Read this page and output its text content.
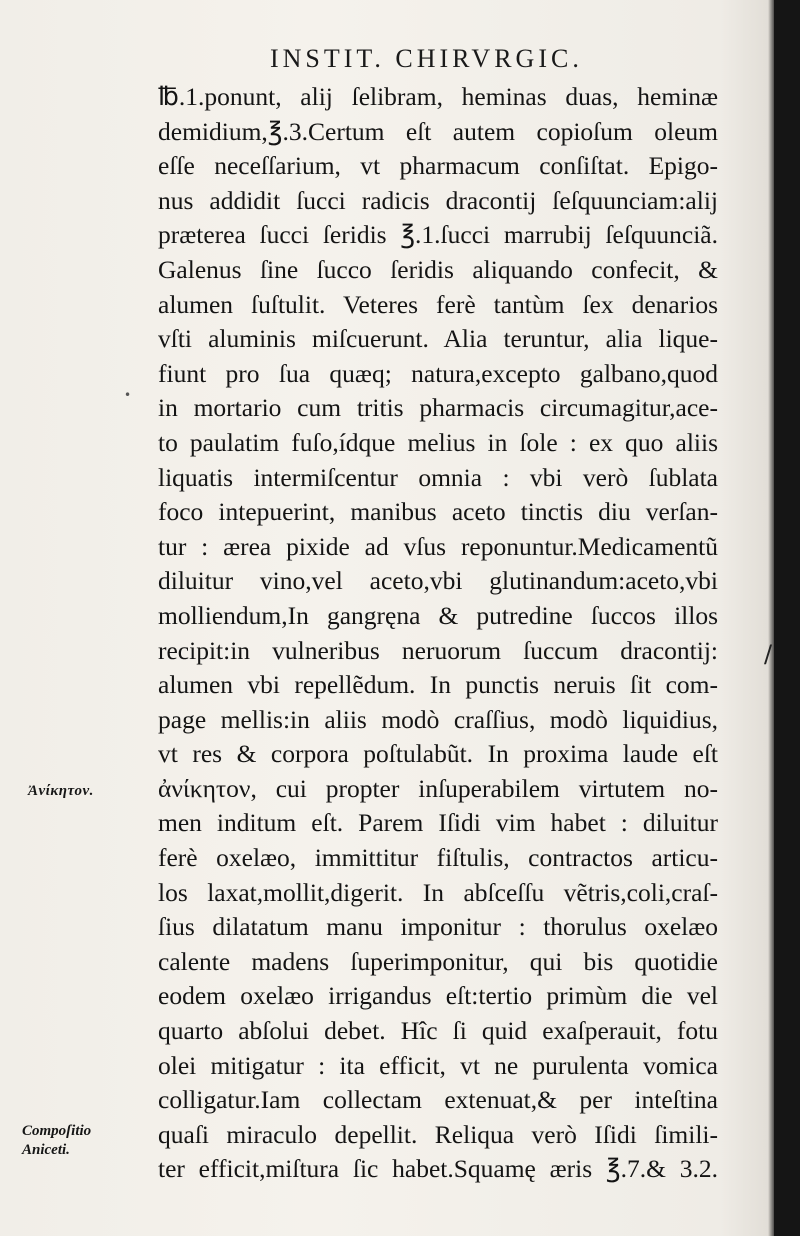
INSTIT. CHIRVRGIC.
℔.1.ponunt, alij ſelibram, heminas duas, heminæ
demidium,℥.3.Certum eſt autem copioſum oleum
eſſe neceſſarium, vt pharmacum conſiſtat. Epigo-
nus addidit ſucci radicis dracontij ſeſquunciam:alij
præterea ſucci ſeridis ℥.1.ſucci marrubij ſeſquunciã.
Galenus ſine ſucco ſeridis aliquando confecit, &
alumen ſuſtulit. Veteres ferè tantùm ſex denarios
vſti aluminis miſcuerunt. Alia teruntur, alia lique-
fiunt pro ſua quæq; natura,excepto galbano,quod
in mortario cum tritis pharmacis circumagitur,ace-
to paulatim fuſo,ídque melius in ſole : ex quo aliis
liquatis intermiſcentur omnia : vbi verò ſublata
foco intepuerint, manibus aceto tinctis diu verſan-
tur : ærea pixide ad vſus reponuntur.Medicamentũ
diluitur vino,vel aceto,vbi glutinandum:aceto,vbi
molliendum,In gangręna & putredine ſuccos illos
recipit:in vulneribus neruorum ſuccum dracontij:
alumen vbi repellẽdum. In punctis neruis ſit com-
page mellis:in aliis modò craſſius, modò liquidius,
vt res & corpora poſtulabũt. In proxima laude eſt
ἀνίκητον, cui propter inſuperabilem virtutem no-
men inditum eſt. Parem Iſidi vim habet : diluitur
ferè oxelæo, immittitur fiſtulis, contractos articu-
los laxat,mollit,digerit. In abſceſſu vẽtris,coli,craſ-
ſius dilatatum manu imponitur : thorulus oxelæo
calente madens ſuperimponitur, qui bis quotidie
eodem oxelæo irrigandus eſt:tertio primùm die vel
quarto abſolui debet. Hîc ſi quid exaſperauit, fotu
olei mitigatur : ita efficit, vt ne purulenta vomica
colligatur.Iam collectam extenuat,& per inteſtina
quaſi miraculo depellit. Reliqua verò Iſidi ſimili-
ter efficit,miſtura ſic habet.Squamę æris ℥.7.& 3.2.
Ἀνίκητον.
Compoſitio
Aniceti.
•
/
